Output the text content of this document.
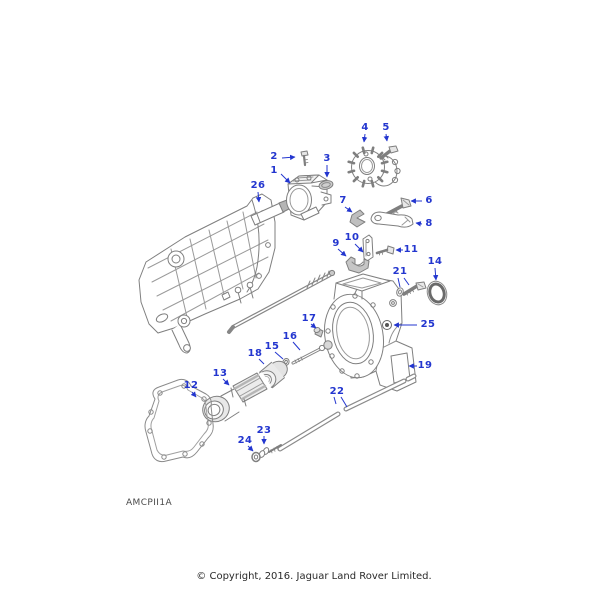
1
2	3
4 5
6
7
8
9
10
11
12
13
14
15
16
17
18
19
21
22
23
24
25
26
AMCPII1A
© Copyright, 2016. Jaguar Land Rover Limited.
